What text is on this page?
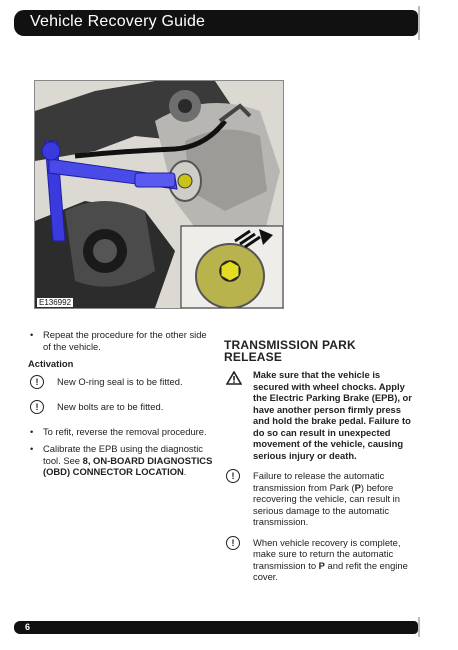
Vehicle Recovery Guide
E136992
• Repeat the procedure for the other side of the vehicle.
Activation
!	New O-ring seal is to be fitted.
!	New bolts are to be fitted.
• To refit, reverse the removal procedure.
• Calibrate the EPB using the diagnostic tool. See 8, ON-BOARD DIAGNOSTICS (OBD) CONNECTOR LOCATION.
TRANSMISSION PARK RELEASE
Make sure that the vehicle is secured with wheel chocks. Apply the Electric Parking Brake (EPB), or have another person firmly press and hold the brake pedal. Failure to do so can result in unexpected movement of the vehicle, causing serious injury or death.
!	Failure to release the automatic transmission from Park (P) before recovering the vehicle, can result in serious damage to the automatic transmission.
!	When vehicle recovery is complete, make sure to return the automatic transmission to P and refit the engine cover.
6
